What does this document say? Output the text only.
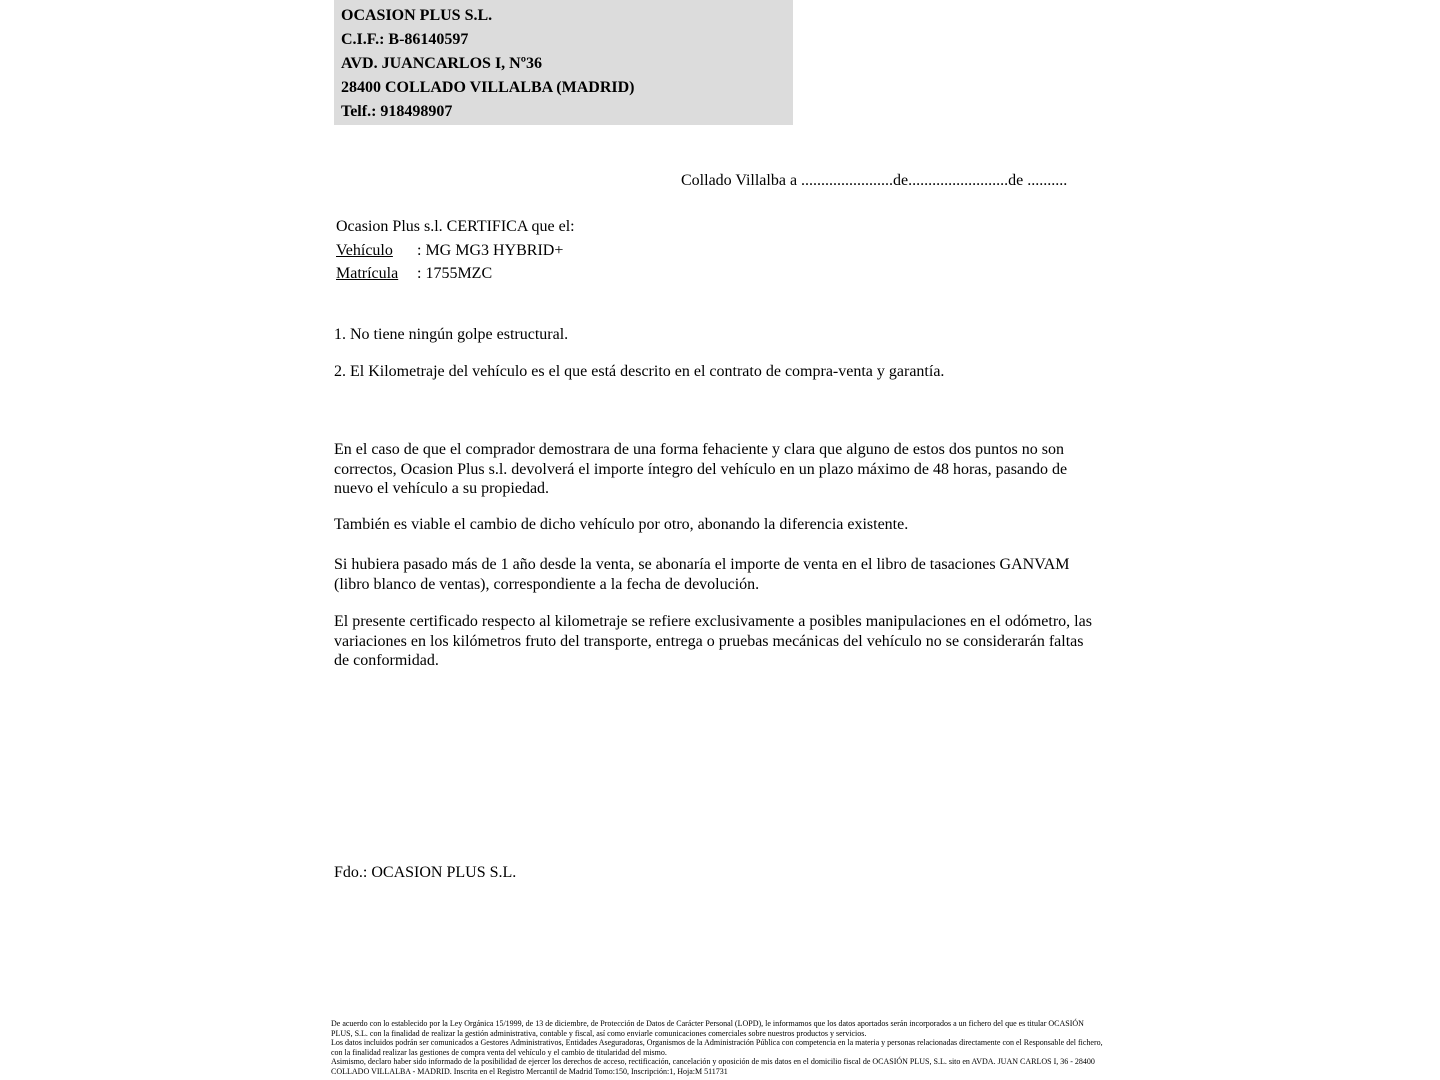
OCASION PLUS S.L.
C.I.F.: B-86140597
AVD. JUANCARLOS I, Nº36
28400 COLLADO VILLALBA (MADRID)
Telf.: 918498907
Collado Villalba a .......................de.........................de ..........
Ocasion Plus s.l. CERTIFICA que el:
Vehículo	: MG MG3 HYBRID+
Matrícula	: 1755MZC
1. No tiene ningún golpe estructural.
2. El Kilometraje del vehículo es el que está descrito en el contrato de compra-venta y garantía.
En el caso de que el comprador demostrara de una forma fehaciente y clara que alguno de estos dos puntos no son correctos, Ocasion Plus s.l. devolverá el importe íntegro del vehículo en un plazo máximo de 48 horas, pasando de nuevo el vehículo a su propiedad.
También es viable el cambio de dicho vehículo por otro, abonando la diferencia existente.
Si hubiera pasado más de 1 año desde la venta, se abonaría el importe de venta en el libro de tasaciones GANVAM (libro blanco de ventas), correspondiente a la fecha de devolución.
El presente certificado respecto al kilometraje se refiere exclusivamente a posibles manipulaciones en el odómetro, las variaciones en los kilómetros fruto del transporte, entrega o pruebas mecánicas del vehículo no se considerarán faltas de conformidad.
Fdo.: OCASION PLUS S.L.

De acuerdo con lo establecido por la Ley Orgánica 15/1999, de 13 de diciembre, de Protección de Datos de Carácter Personal (LOPD), le informamos que los datos aportados serán incorporados a un fichero del que es titular OCASIÓN PLUS, S.L. con la finalidad de realizar la gestión administrativa, contable y fiscal, así como enviarle comunicaciones comerciales sobre nuestros productos y servicios.

Los datos incluidos podrán ser comunicados a Gestores Administrativos, Entidades Aseguradoras, Organismos de la Administración Pública con competencia en la materia y personas relacionadas directamente con el Responsable del fichero, con la finalidad realizar las gestiones de compra venta del vehículo y el cambio de titularidad del mismo.

Asimismo, declaro haber sido informado de la posibilidad de ejercer los derechos de acceso, rectificación, cancelación y oposición de mis datos en el domicilio fiscal de OCASIÓN PLUS, S.L. sito en AVDA. JUAN CARLOS I, 36 - 28400 COLLADO VILLALBA - MADRID. Inscrita en el Registro Mercantil de Madrid Tomo:150, Inscripción:1, Hoja:M 511731
